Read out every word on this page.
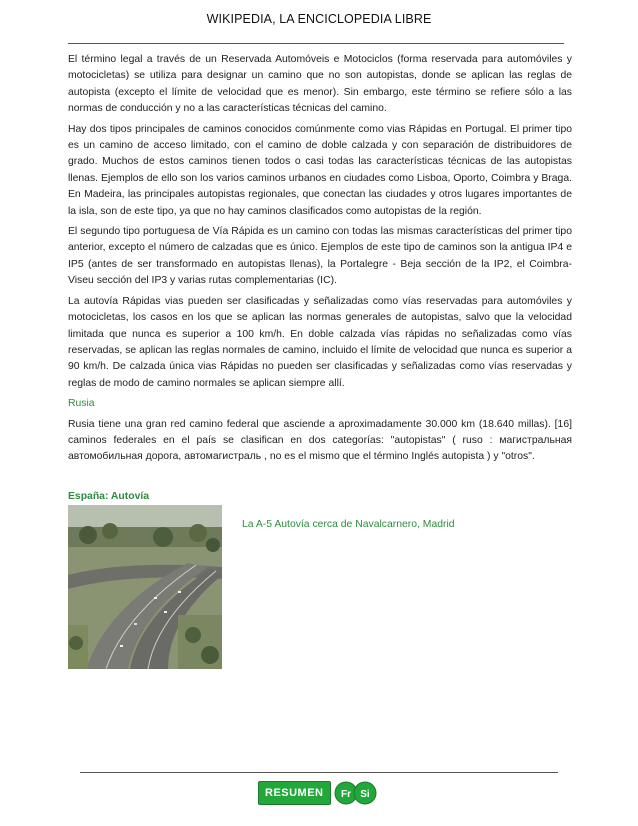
WIKIPEDIA, LA ENCICLOPEDIA LIBRE

El término legal a través de un Reservada Automóveis e Motociclos (forma reservada para automóviles y motocicletas) se utiliza para designar un camino que no son autopistas, donde se aplican las reglas de autopista (excepto el límite de velocidad que es menor). Sin embargo, este término se refiere sólo a las normas de conducción y no a las características técnicas del camino.

Hay dos tipos principales de caminos conocidos comúnmente como vias Rápidas en Portugal. El primer tipo es un camino de acceso limitado, con el camino de doble calzada y con separación de distribuidores de grado. Muchos de estos caminos tienen todos o casi todas las características técnicas de las autopistas llenas. Ejemplos de ello son los varios caminos urbanos en ciudades como Lisboa, Oporto, Coimbra y Braga. En Madeira, las principales autopistas regionales, que conectan las ciudades y otros lugares importantes de la isla, son de este tipo, ya que no hay caminos clasificados como autopistas de la región.

El segundo tipo portuguesa de Vía Rápida es un camino con todas las mismas características del primer tipo anterior, excepto el número de calzadas que es único. Ejemplos de este tipo de caminos son la antigua IP4 e IP5 (antes de ser transformado en autopistas llenas), la Portalegre - Beja sección de la IP2, el Coimbra- Viseu sección del IP3 y varias rutas complementarias (IC).

La autovía Rápidas vias pueden ser clasificadas y señalizadas como vías reservadas para automóviles y motocicletas, los casos en los que se aplican las normas generales de autopistas, salvo que la velocidad limitada que nunca es superior a 100 km/h. En doble calzada vías rápidas no señalizadas como vías reservadas, se aplican las reglas normales de camino, incluido el límite de velocidad que nunca es superior a 90 km/h. De calzada única vias Rápidas no pueden ser clasificadas y señalizadas como vías reservadas y reglas de modo de camino normales se aplican siempre allí.

Rusia

Rusia tiene una gran red camino federal que asciende a aproximadamente 30.000 km (18.640 millas). [16] caminos federales en el país se clasifican en dos categorías: "autopistas" ( ruso : магистральная автомобильная дорога, автомагистраль , no es el mismo que el término Inglés autopista ) y "otros".

España: Autovía
La A-5 Autovía cerca de Navalcarnero, Madrid
RESUMEN	Fr Si
